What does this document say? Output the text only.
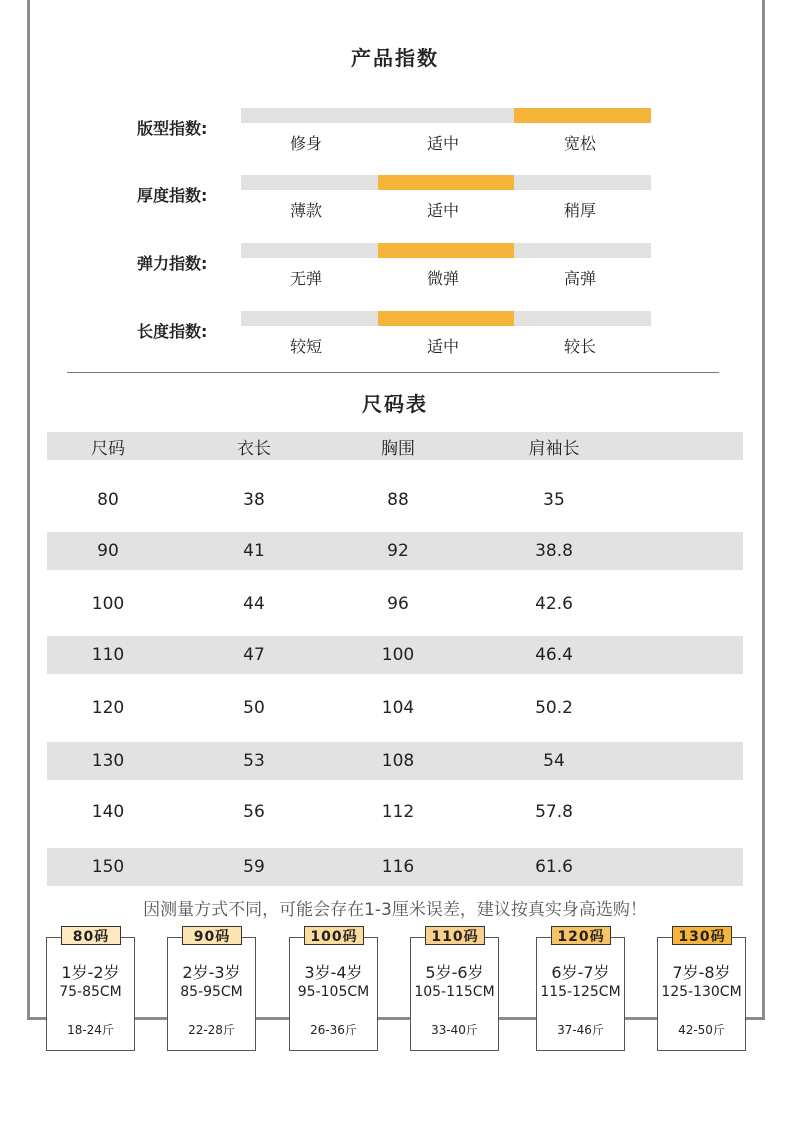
产品指数
版型指数:
修身	适中	宽松
厚度指数:
薄款	适中	稍厚
弹力指数:
无弹	微弹	高弹
长度指数:
较短	适中	较长
尺码表
尺码	衣长	胸围	肩袖长
80	38	88	35
90	41	92	38.8
100	44	96	42.6
110	47	100	46.4
120	50	104	50.2
130	53	108	54
140	56	112	57.8
150	59	116	61.6
因测量方式不同，可能会存在1-3厘米误差，建议按真实身高选购！
1岁-2岁
75-85CM
18-24斤
80码
2岁-3岁
85-95CM
22-28斤
90码
3岁-4岁
95-105CM
26-36斤
100码
5岁-6岁
105-115CM
33-40斤
110码
6岁-7岁
115-125CM
37-46斤
120码
7岁-8岁
125-130CM
42-50斤
130码
